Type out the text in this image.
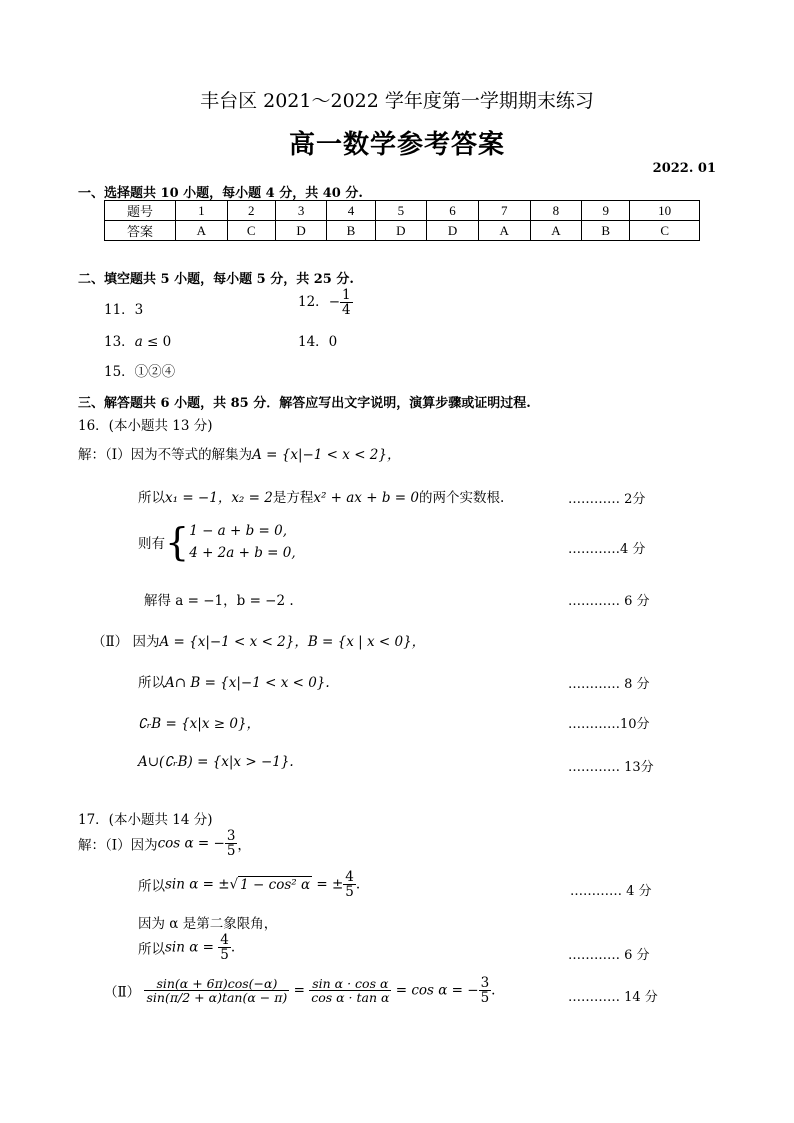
丰台区 2021～2022 学年度第一学期期末练习
高一数学参考答案
2022. 01
一、选择题共 10 小题，每小题 4 分，共 40 分.
题号	1	2	3	4	5	6	7	8	9	10
答案	A	C	D	B	D	D	A	A	B	C
二、填空题共 5 小题，每小题 5 分，共 25 分.
11．3	12．− $\frac{1}{4}$
13．a ≤ 0	14．0
15．①②④
三、解答题共 6 小题，共 85 分．解答应写出文字说明，演算步骤或证明过程.
16．(本小题共 13 分)
解：（Ⅰ）因为不等式的解集为A = {x|−1 < x < 2}，
所以x₁ = −1，x₂ = 2是方程x² + ax + b = 0的两个实数根.	………… 2分
则有{ 1 − a + b = 0,
4 + 2a + b = 0,	…………4 分
解得 a = −1，b = −2 .	………… 6 分
（Ⅱ） 因为A = {x|−1 < x < 2}，B = {x | x < 0}，
所以A∩ B = {x|−1 < x < 0}.	………… 8 分
∁ᵣB = {x|x ≥ 0}，	…………10分
A∪(∁ᵣB) = {x|x > −1}.	………… 13分
17．(本小题共 14 分)
解：（Ⅰ）因为cos α = − $\frac{3}{5}$ ，
所以sin α = ±√ 1 − cos² α = ± $\frac{4}{5}$ .	………… 4 分
因为 α 是第二象限角，
所以$\sin \alpha = \frac{4}{5}$ .	………… 6 分
（Ⅱ） $\frac{\sin(\alpha + 6\pi)\cos(-\alpha)}{\sin(\pi/2 + \alpha)\tan(\alpha - \pi)} = \frac{\text{sin α · cos α}}{\text{cos α · tan α}} = \cos \alpha$ = − $\frac{3}{5}$ .	………… 14 分
